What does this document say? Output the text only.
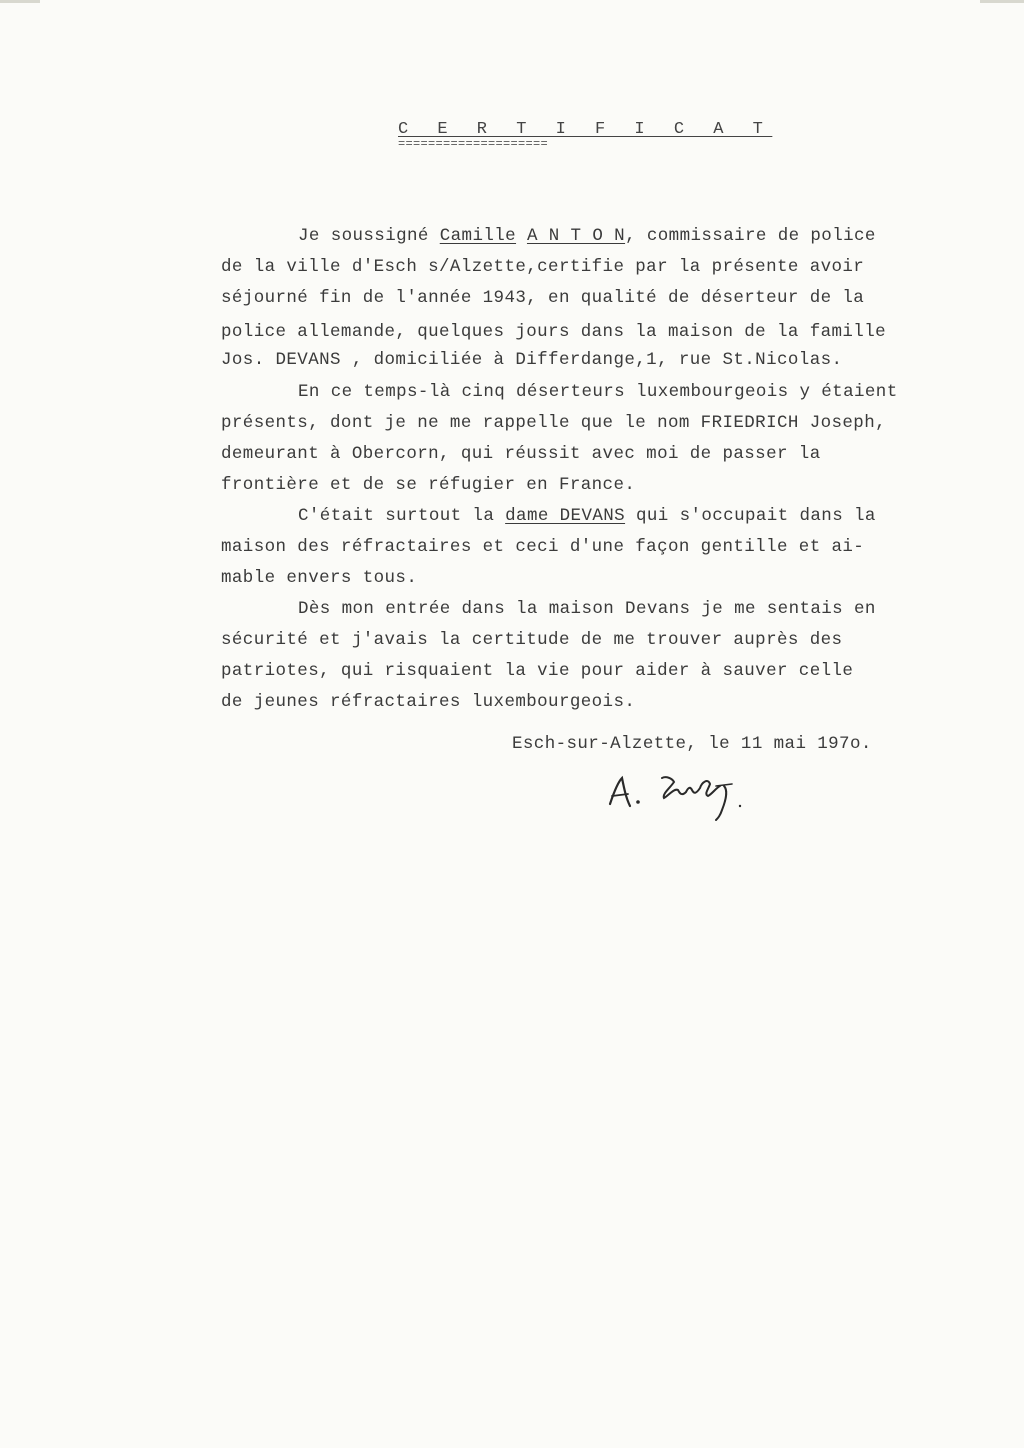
C E R T I F I C A T
====================
Je soussigné Camille A N T O N, commissaire de police
de la ville d'Esch s/Alzette,certifie par la présente avoir
séjourné fin de l'année 1943, en qualité de déserteur de la
police allemande, quelques jours dans la maison de la famille
Jos. DEVANS , domiciliée à Differdange,1, rue St.Nicolas.
En ce temps-là cinq déserteurs luxembourgeois y étaient
présents, dont je ne me rappelle que le nom FRIEDRICH Joseph,
demeurant à Obercorn, qui réussit avec moi de passer la
frontière et de se réfugier en France.
C'était surtout la dame DEVANS qui s'occupait dans la
maison des réfractaires et ceci d'une façon gentille et ai-
mable envers tous.
Dès mon entrée dans la maison Devans je me sentais en
sécurité et j'avais la certitude de me trouver auprès des
patriotes, qui risquaient la vie pour aider à sauver celle
de jeunes réfractaires luxembourgeois.
Esch-sur-Alzette, le 11 mai 197o.
